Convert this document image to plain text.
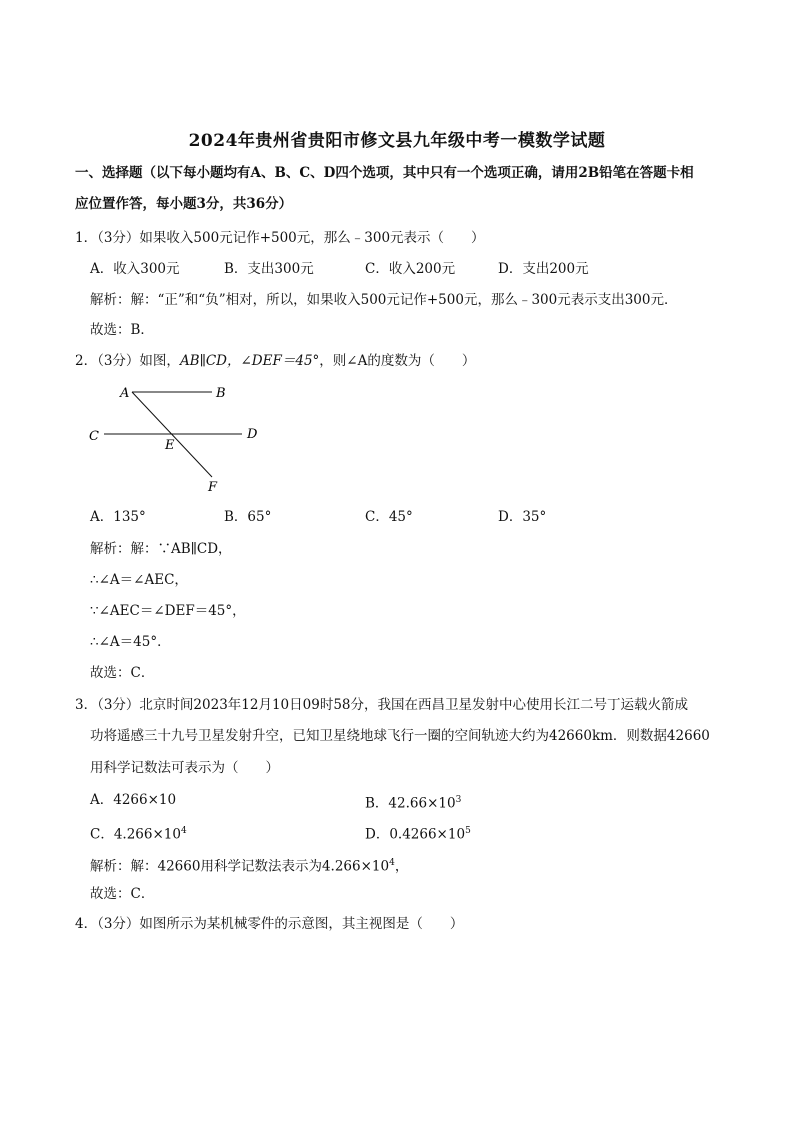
2024年贵州省贵阳市修文县九年级中考一模数学试题
一、选择题（以下每小题均有A、B、C、D四个选项，其中只有一个选项正确，请用2B铅笔在答题卡相
应位置作答，每小题3分，共36分）
1．（3分）如果收入500元记作+500元，那么﹣300元表示（　　）
A．收入300元	B．支出300元	C．收入200元	D．支出200元
解析：解：“正”和“负”相对，所以，如果收入500元记作+500元，那么﹣300元表示支出300元．
故选：B．
2．（3分）如图，AB∥CD，∠DEF＝45°，则∠A的度数为（　　）
A	B
C	D
E
F
A．135°	B．65°	C．45°	D．35°
解析：解：∵AB∥CD，
∴∠A＝∠AEC，
∵∠AEC＝∠DEF＝45°，
∴∠A＝45°．
故选：C．
3．（3分）北京时间2023年12月10日09时58分，我国在西昌卫星发射中心使用长江二号丁运载火箭成
功将遥感三十九号卫星发射升空，已知卫星绕地球飞行一圈的空间轨迹大约为42660km．则数据42660
用科学记数法可表示为（　　）
A．4266×10	B．$42.66\times 10^3$
C．$4.266\times 10^4$	D．$0.4266\times 10^5$
解析：解：42660用科学记数法表示为$4.266\times 10^4$，
故选：C．
4．（3分）如图所示为某机械零件的示意图，其主视图是（　　）
